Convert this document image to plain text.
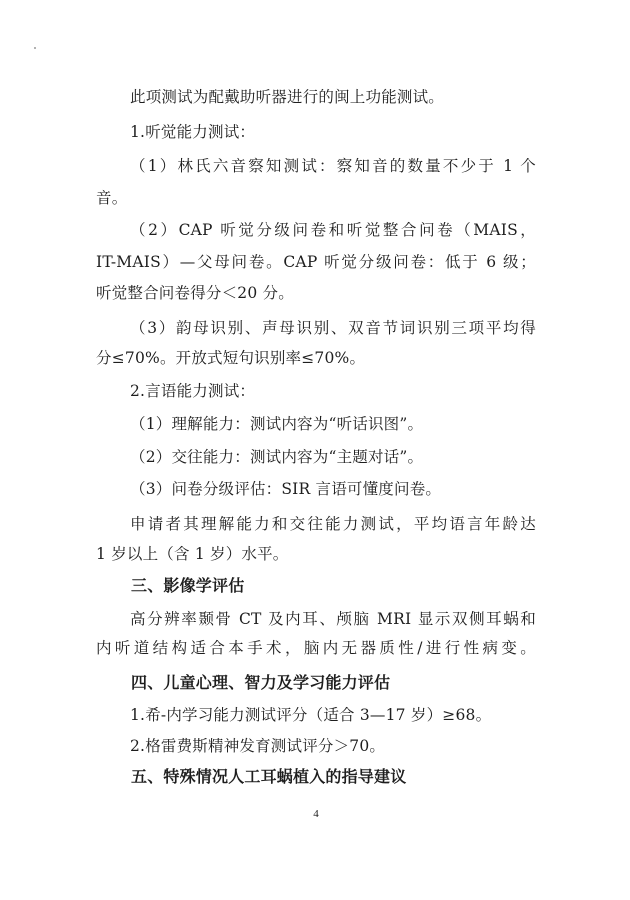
此项测试为配戴助听器进行的闽上功能测试。
1.听觉能力测试：
（1）林氏六音察知测试：察知音的数量不少于 1 个
音。
（2）CAP 听觉分级问卷和听觉整合问卷（MAIS，
IT-MAIS）—父母问卷。CAP 听觉分级问卷：低于 6 级；
听觉整合问卷得分＜20 分。
（3）韵母识别、声母识别、双音节词识别三项平均得
分≤70%。开放式短句识别率≤70%。
2.言语能力测试：
（1）理解能力：测试内容为“听话识图”。
（2）交往能力：测试内容为“主题对话”。
（3）问卷分级评估：SIR 言语可懂度问卷。
申请者其理解能力和交往能力测试，平均语言年龄达
1 岁以上（含 1 岁）水平。
三、影像学评估
高分辨率颞骨 CT 及内耳、颅脑 MRI 显示双侧耳蜗和
内听道结构适合本手术，脑内无器质性/进行性病变。
四、儿童心理、智力及学习能力评估
1.希-内学习能力测试评分（适合 3—17 岁）≥68。
2.格雷费斯精神发育测试评分＞70。
五、特殊情况人工耳蜗植入的指导建议
4
